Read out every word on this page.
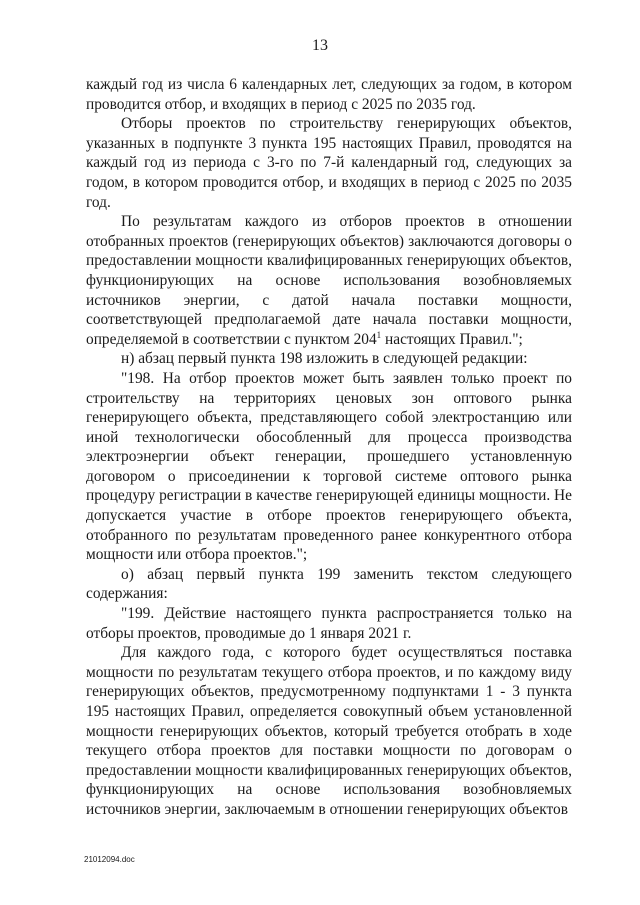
13

каждый год из числа 6 календарных лет, следующих за годом, в котором проводится отбор, и входящих в период с 2025 по 2035 год.

Отборы проектов по строительству генерирующих объектов, указанных в подпункте 3 пункта 195 настоящих Правил, проводятся на каждый год из периода с 3-го по 7-й календарный год, следующих за годом, в котором проводится отбор, и входящих в период с 2025 по 2035 год.

По результатам каждого из отборов проектов в отношении отобранных проектов (генерирующих объектов) заключаются договоры о предоставлении мощности квалифицированных генерирующих объектов, функционирующих на основе использования возобновляемых источников энергии, с датой начала поставки мощности, соответствующей предполагаемой дате начала поставки мощности, определяемой в соответствии с пунктом $204^1$ настоящих Правил.";

н) абзац первый пункта 198 изложить в следующей редакции:

"198. На отбор проектов может быть заявлен только проект по строительству на территориях ценовых зон оптового рынка генерирующего объекта, представляющего собой электростанцию или иной технологически обособленный для процесса производства электроэнергии объект генерации, прошедшего установленную договором о присоединении к торговой системе оптового рынка процедуру регистрации в качестве генерирующей единицы мощности. Не допускается участие в отборе проектов генерирующего объекта, отобранного по результатам проведенного ранее конкурентного отбора мощности или отбора проектов.";

о) абзац первый пункта 199 заменить текстом следующего содержания:

"199. Действие настоящего пункта распространяется только на отборы проектов, проводимые до 1 января 2021 г.

Для каждого года, с которого будет осуществляться поставка мощности по результатам текущего отбора проектов, и по каждому виду генерирующих объектов, предусмотренному подпунктами 1 - 3 пункта 195 настоящих Правил, определяется совокупный объем установленной мощности генерирующих объектов, который требуется отобрать в ходе текущего отбора проектов для поставки мощности по договорам о предоставлении мощности квалифицированных генерирующих объектов, функционирующих на основе использования возобновляемых источников энергии, заключаемым в отношении генерирующих объектов

21012094.doc
